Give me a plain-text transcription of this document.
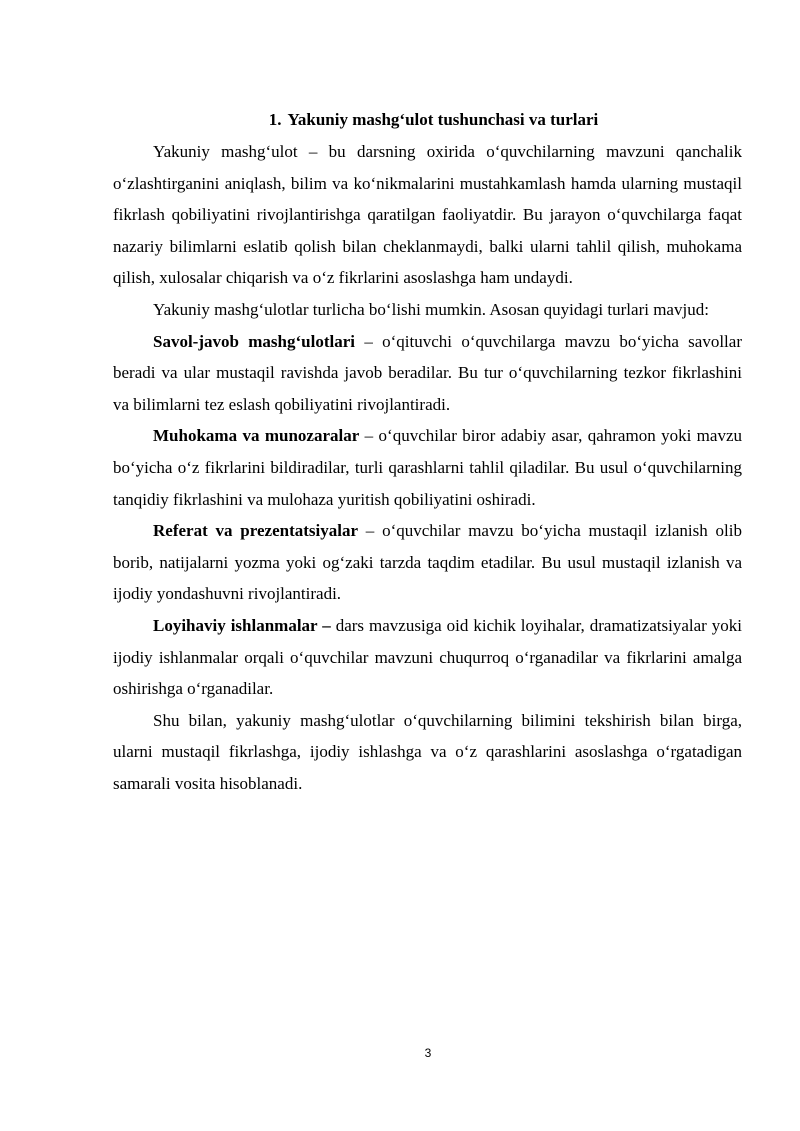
1. Yakuniy mashg‘ulot tushunchasi va turlari

Yakuniy mashg‘ulot – bu darsning oxirida o‘quvchilarning mavzuni qanchalik o‘zlashtirganini aniqlash, bilim va ko‘nikmalarini mustahkamlash hamda ularning mustaqil fikrlash qobiliyatini rivojlantirishga qaratilgan faoliyatdir. Bu jarayon o‘quvchilarga faqat nazariy bilimlarni eslatib qolish bilan cheklanmaydi, balki ularni tahlil qilish, muhokama qilish, xulosalar chiqarish va o‘z fikrlarini asoslashga ham undaydi.

Yakuniy mashg‘ulotlar turlicha bo‘lishi mumkin. Asosan quyidagi turlari mavjud:

Savol-javob mashg‘ulotlari – o‘qituvchi o‘quvchilarga mavzu bo‘yicha savollar beradi va ular mustaqil ravishda javob beradilar. Bu tur o‘quvchilarning tezkor fikrlashini va bilimlarni tez eslash qobiliyatini rivojlantiradi.

Muhokama va munozaralar – o‘quvchilar biror adabiy asar, qahramon yoki mavzu bo‘yicha o‘z fikrlarini bildiradilar, turli qarashlarni tahlil qiladilar. Bu usul o‘quvchilarning tanqidiy fikrlashini va mulohaza yuritish qobiliyatini oshiradi.

Referat va prezentatsiyalar – o‘quvchilar mavzu bo‘yicha mustaqil izlanish olib borib, natijalarni yozma yoki og‘zaki tarzda taqdim etadilar. Bu usul mustaqil izlanish va ijodiy yondashuvni rivojlantiradi.

Loyihaviy ishlanmalar – dars mavzusiga oid kichik loyihalar, dramatizatsiyalar yoki ijodiy ishlanmalar orqali o‘quvchilar mavzuni chuqurroq o‘rganadilar va fikrlarini amalga oshirishga o‘rganadilar.

Shu bilan, yakuniy mashg‘ulotlar o‘quvchilarning bilimini tekshirish bilan birga, ularni mustaqil fikrlashga, ijodiy ishlashga va o‘z qarashlarini asoslashga o‘rgatadigan samarali vosita hisoblanadi.

3
